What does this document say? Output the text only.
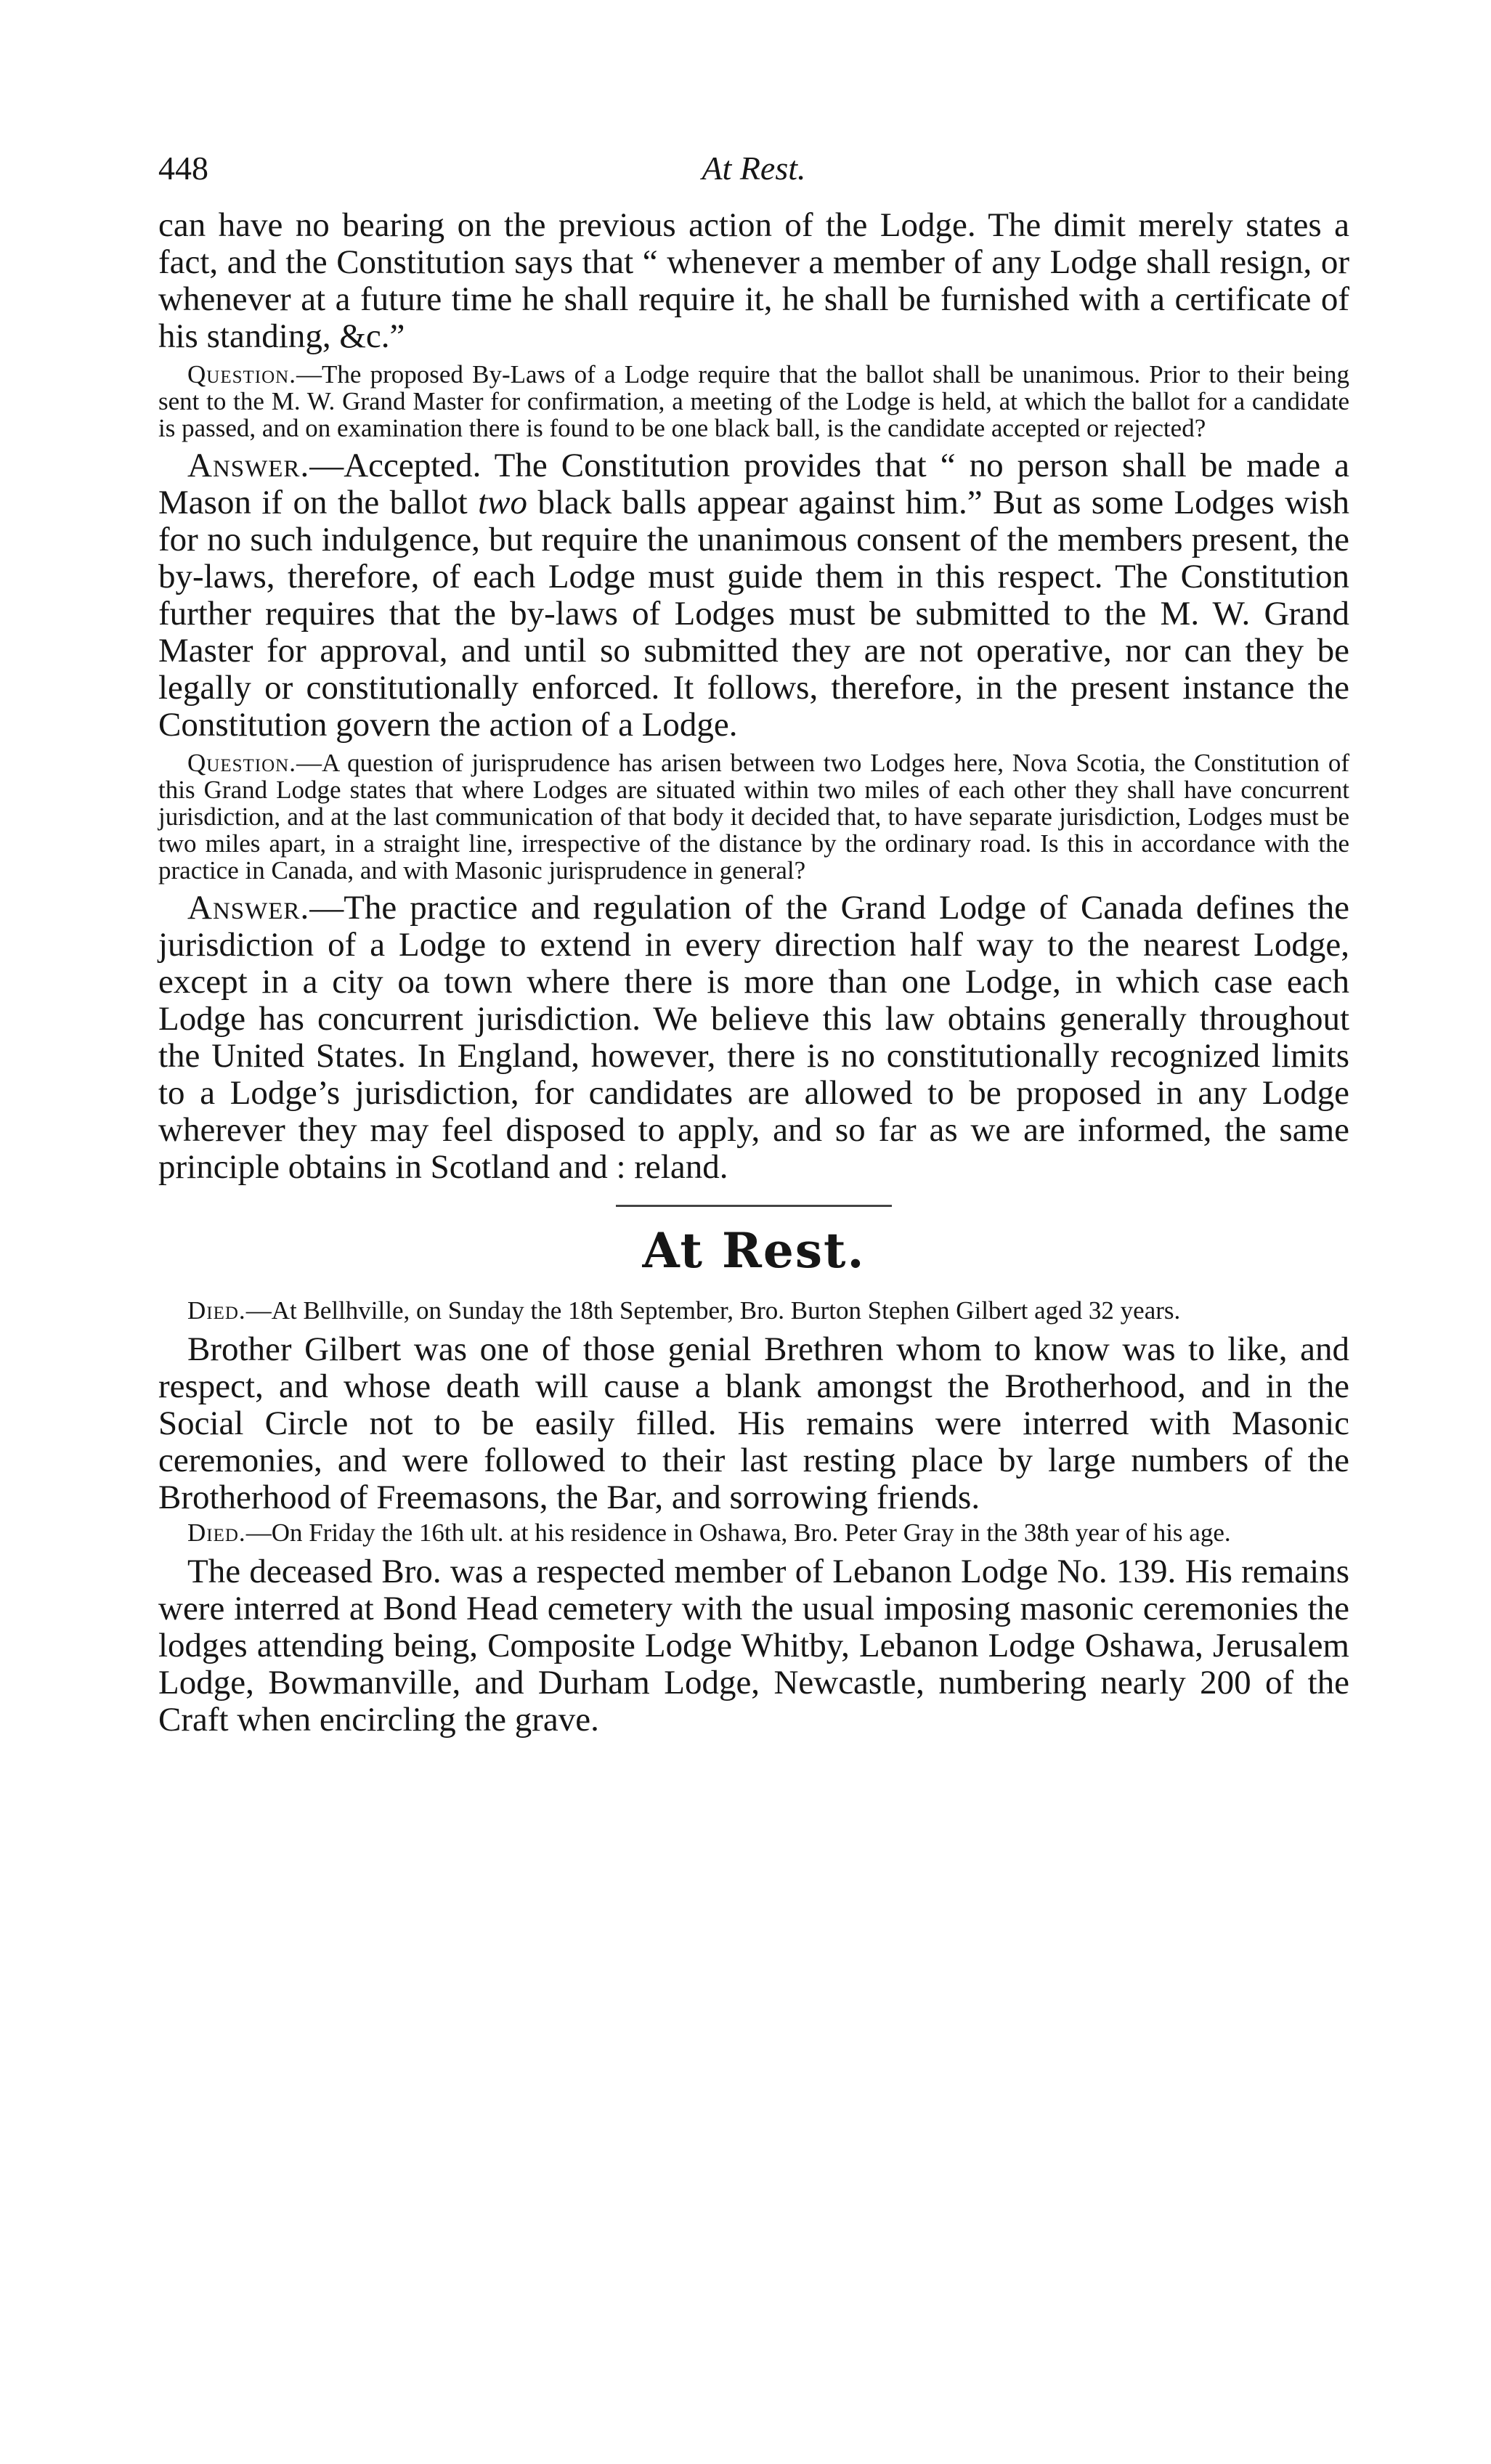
448	At Rest.

can have no bearing on the previous action of the Lodge. The dimit merely states a fact, and the Constitution says that “ whenever a member of any Lodge shall resign, or whenever at a future time he shall require it, he shall be furnished with a certificate of his standing, &c.”

Question.—The proposed By-Laws of a Lodge require that the ballot shall be unanimous. Prior to their being sent to the M. W. Grand Master for confirmation, a meeting of the Lodge is held, at which the ballot for a candidate is passed, and on examination there is found to be one black ball, is the candidate accepted or rejected?

Answer.—Accepted. The Constitution provides that “ no person shall be made a Mason if on the ballot two black balls appear against him.” But as some Lodges wish for no such indulgence, but require the unanimous consent of the members present, the by-laws, therefore, of each Lodge must guide them in this respect. The Constitution further requires that the by-laws of Lodges must be submitted to the M. W. Grand Master for approval, and until so submitted they are not operative, nor can they be legally or constitutionally enforced. It follows, therefore, in the present instance the Constitution govern the action of a Lodge.

Question.—A question of jurisprudence has arisen between two Lodges here, Nova Scotia, the Constitution of this Grand Lodge states that where Lodges are situated within two miles of each other they shall have concurrent jurisdiction, and at the last communication of that body it decided that, to have separate jurisdiction, Lodges must be two miles apart, in a straight line, irrespective of the distance by the ordinary road. Is this in accordance with the practice in Canada, and with Masonic jurisprudence in general?

Answer.—The practice and regulation of the Grand Lodge of Canada defines the jurisdiction of a Lodge to extend in every direction half way to the nearest Lodge, except in a city oa town where there is more than one Lodge, in which case each Lodge has concurrent jurisdiction. We believe this law obtains generally throughout the United States. In England, however, there is no constitutionally recognized limits to a Lodge’s jurisdiction, for candidates are allowed to be proposed in any Lodge wherever they may feel disposed to apply, and so far as we are informed, the same principle obtains in Scotland and : reland.

At Rest.

Died.—At Bellhville, on Sunday the 18th September, Bro. Burton Stephen Gilbert aged 32 years.

Brother Gilbert was one of those genial Brethren whom to know was to like, and respect, and whose death will cause a blank amongst the Brotherhood, and in the Social Circle not to be easily filled. His remains were interred with Masonic ceremonies, and were followed to their last resting place by large numbers of the Brotherhood of Freemasons, the Bar, and sorrowing friends.

Died.—On Friday the 16th ult. at his residence in Oshawa, Bro. Peter Gray in the 38th year of his age.

The deceased Bro. was a respected member of Lebanon Lodge No. 139. His remains were interred at Bond Head cemetery with the usual imposing masonic ceremonies the lodges attending being, Composite Lodge Whitby, Lebanon Lodge Oshawa, Jerusalem Lodge, Bowmanville, and Durham Lodge, Newcastle, numbering nearly 200 of the Craft when encircling the grave.
